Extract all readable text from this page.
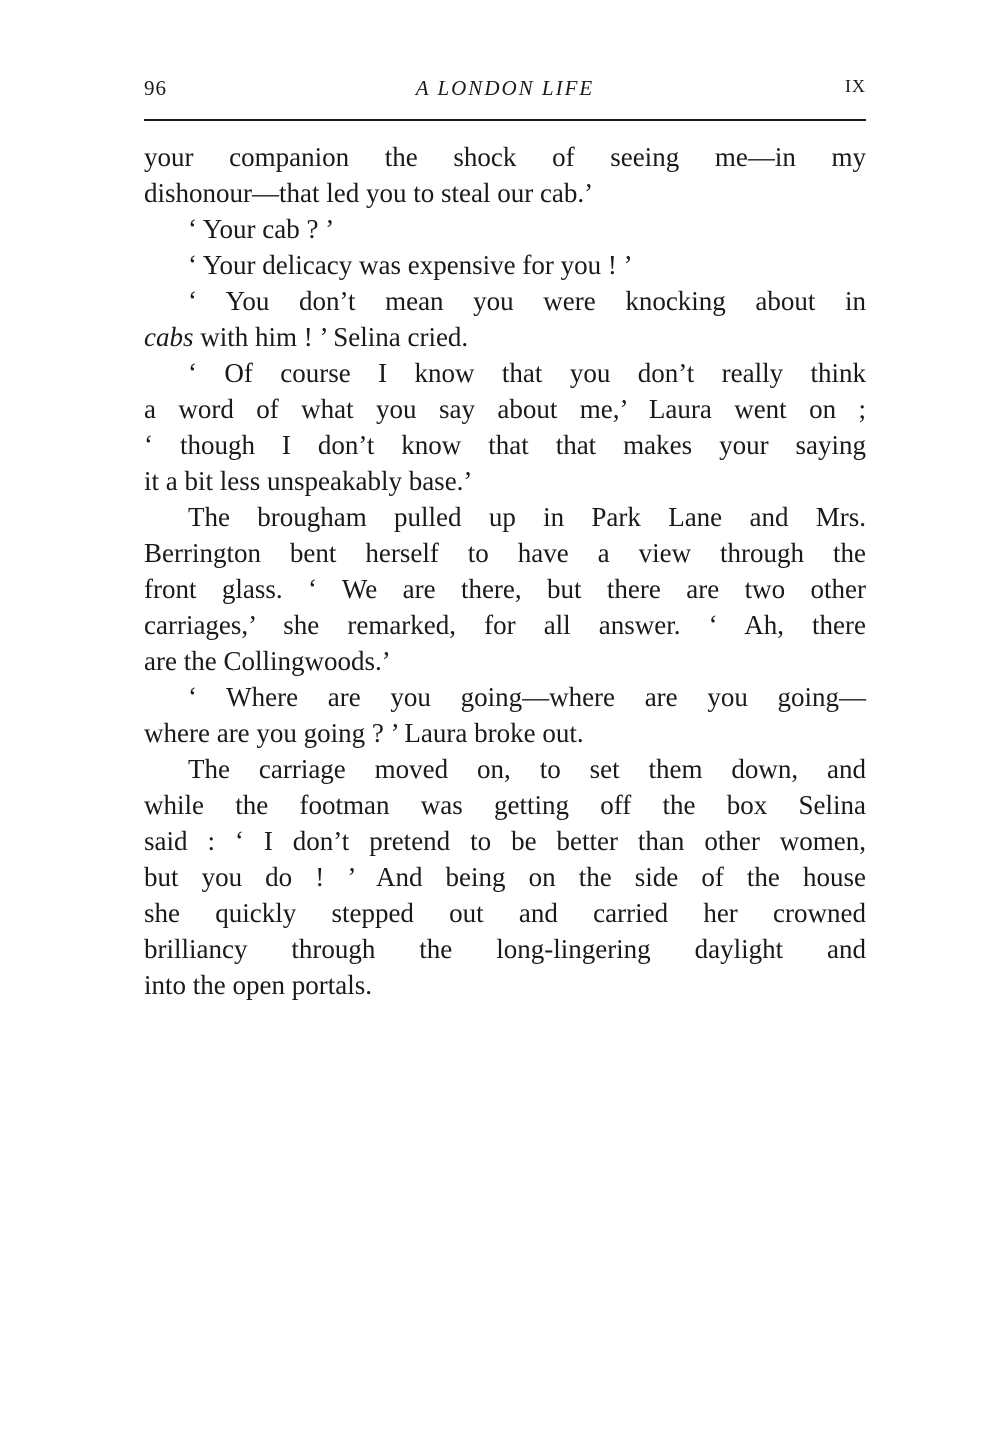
96	A LONDON LIFE	IX
your companion the shock of seeing me—in my
dishonour—that led you to steal our cab.’
‘ Your cab ? ’
‘ Your delicacy was expensive for you ! ’
‘ You don’t mean you were knocking about in
cabs with him ! ’ Selina cried.
‘ Of course I know that you don’t really think
a word of what you say about me,’ Laura went on ;
‘ though I don’t know that that makes your saying
it a bit less unspeakably base.’
The brougham pulled up in Park Lane and Mrs.
Berrington bent herself to have a view through the
front glass. ‘ We are there, but there are two other
carriages,’ she remarked, for all answer. ‘ Ah, there
are the Collingwoods.’
‘ Where are you going—where are you going—
where are you going ? ’ Laura broke out.
The carriage moved on, to set them down, and
while the footman was getting off the box Selina
said : ‘ I don’t pretend to be better than other women,
but you do ! ’ And being on the side of the house
she quickly stepped out and carried her crowned
brilliancy through the long-lingering daylight and
into the open portals.
